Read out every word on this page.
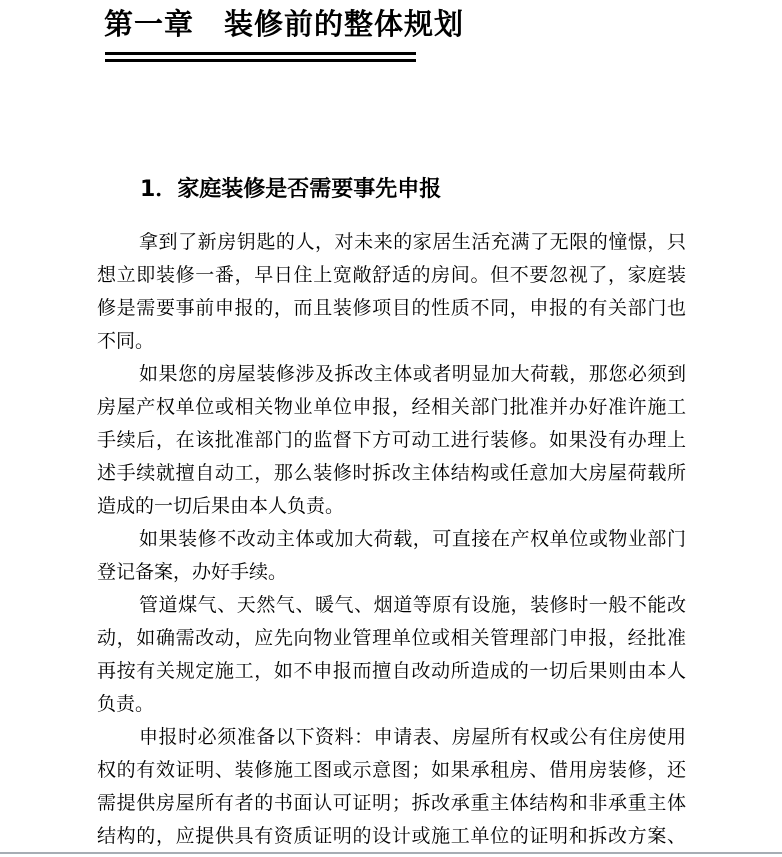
第一章　装修前的整体规划
1．家庭装修是否需要事先申报
拿到了新房钥匙的人，对未来的家居生活充满了无限的憧憬，只
想立即装修一番，早日住上宽敞舒适的房间。但不要忽视了，家庭装
修是需要事前申报的，而且装修项目的性质不同，申报的有关部门也
不同。
如果您的房屋装修涉及拆改主体或者明显加大荷载，那您必须到
房屋产权单位或相关物业单位申报，经相关部门批准并办好准许施工
手续后，在该批准部门的监督下方可动工进行装修。如果没有办理上
述手续就擅自动工，那么装修时拆改主体结构或任意加大房屋荷载所
造成的一切后果由本人负责。
如果装修不改动主体或加大荷载，可直接在产权单位或物业部门
登记备案，办好手续。
管道煤气、天然气、暖气、烟道等原有设施，装修时一般不能改
动，如确需改动，应先向物业管理单位或相关管理部门申报，经批准
再按有关规定施工，如不申报而擅自改动所造成的一切后果则由本人
负责。
申报时必须准备以下资料：申请表、房屋所有权或公有住房使用
权的有效证明、装修施工图或示意图；如果承租房、借用房装修，还
需提供房屋所有者的书面认可证明；拆改承重主体结构和非承重主体
结构的，应提供具有资质证明的设计或施工单位的证明和拆改方案、
